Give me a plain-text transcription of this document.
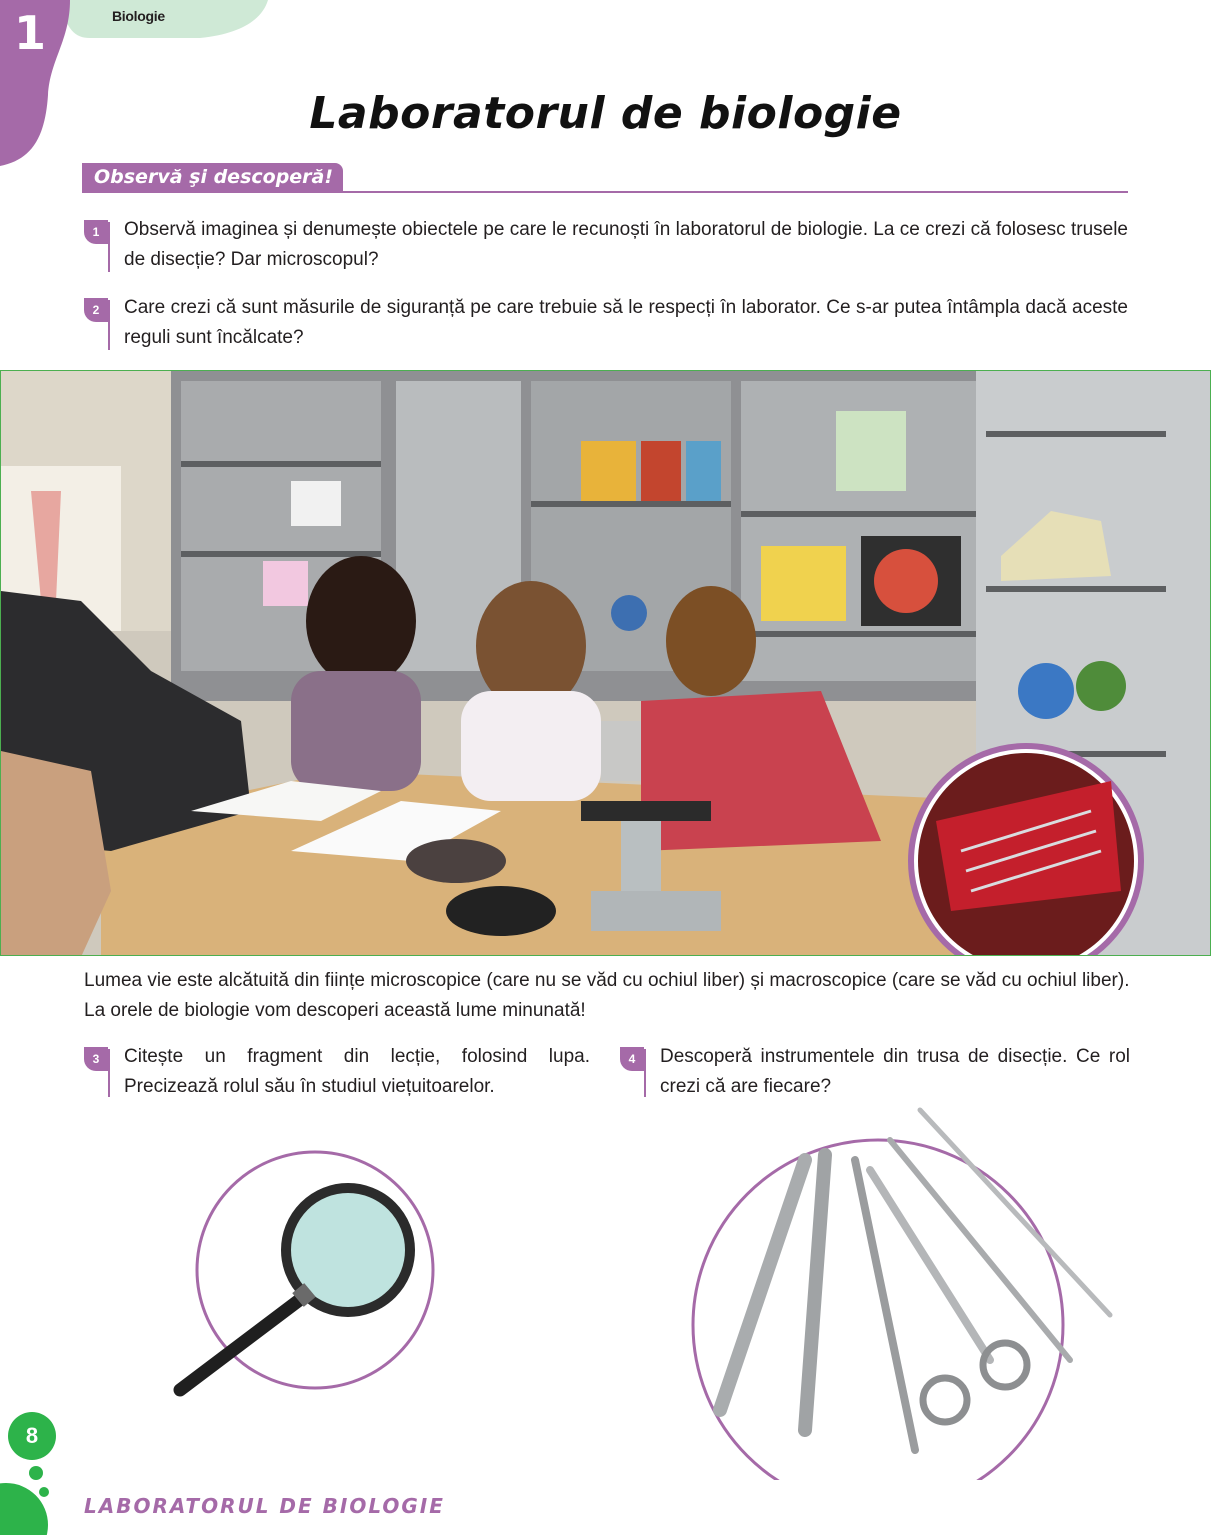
1	Biologie
Laboratorul de biologie
Observă şi descoperă!
1	Observă imaginea și denumește obiectele pe care le recunoști în laboratorul de biologie. La ce crezi că folosesc trusele de disecție? Dar microscopul?
2	Care crezi că sunt măsurile de siguranță pe care trebuie să le respecți în laborator. Ce s-ar putea întâmpla dacă aceste reguli sunt încălcate?
Lumea vie este alcătuită din ființe microscopice (care nu se văd cu ochiul liber) și macroscopice (care se văd cu ochiul liber). La orele de biologie vom descoperi această lume minunată!
3	Citește un fragment din lecție, folosind lupa. Precizează rolul său în studiul viețuitoarelor.
4	Descoperă instrumentele din trusa de disecție. Ce rol crezi că are fiecare?
8
LABORATORUL DE BIOLOGIE
